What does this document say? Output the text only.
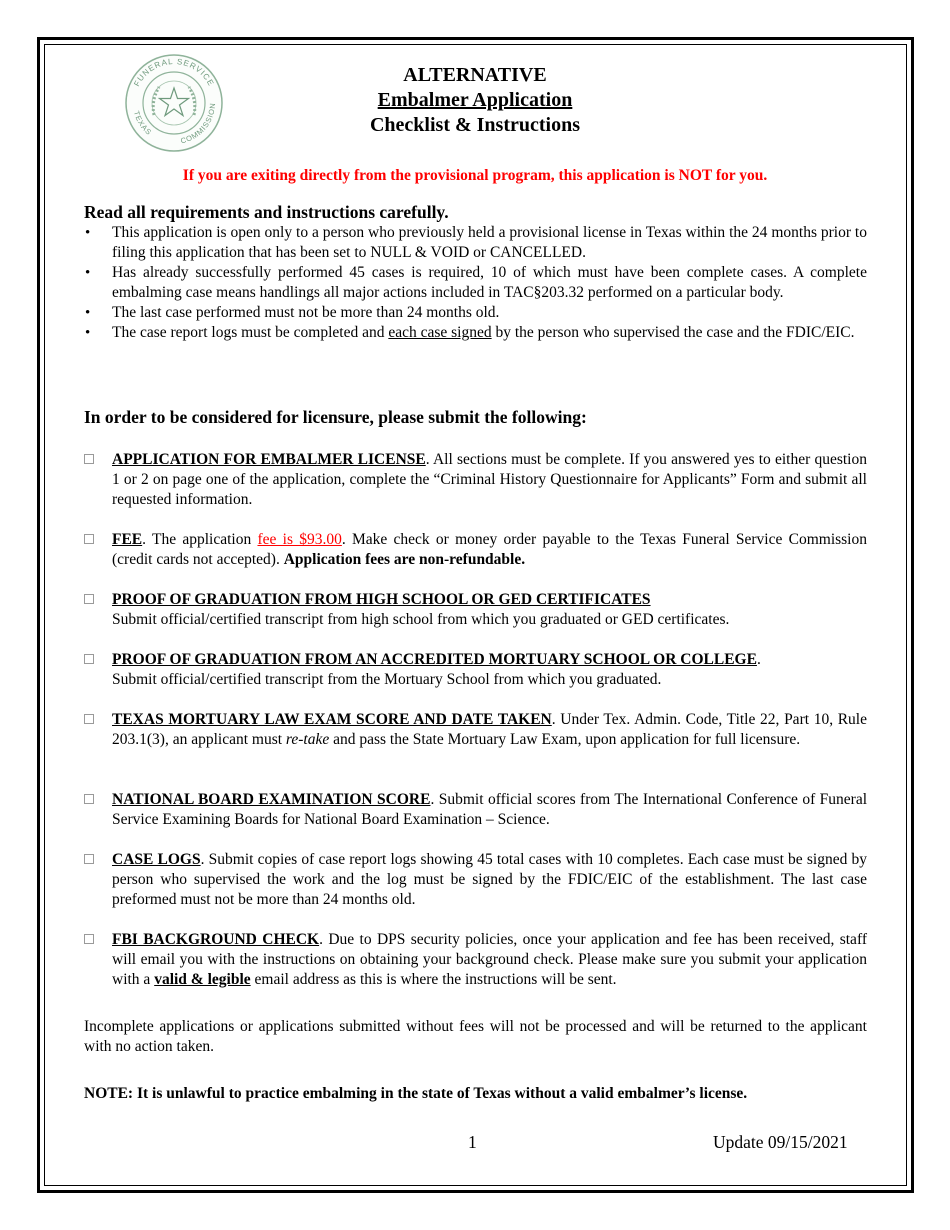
FUNERAL SERVICE
TEXAS
COMMISSION
ALTERNATIVE
Embalmer Application
Checklist & Instructions
If you are exiting directly from the provisional program, this application is NOT for you.
Read all requirements and instructions carefully.
• This application is open only to a person who previously held a provisional license in Texas within the 24 months prior to filing this application that has been set to NULL & VOID or CANCELLED.
• Has already successfully performed 45 cases is required, 10 of which must have been complete cases. A complete embalming case means handlings all major actions included in TAC§203.32 performed on a particular body.
• The last case performed must not be more than 24 months old.
• The case report logs must be completed and each case signed by the person who supervised the case and the FDIC/EIC.
In order to be considered for licensure, please submit the following:
APPLICATION FOR EMBALMER LICENSE. All sections must be complete. If you answered yes to either question 1 or 2 on page one of the application, complete the “Criminal History Questionnaire for Applicants” Form and submit all requested information.
FEE. The application fee is $93.00. Make check or money order payable to the Texas Funeral Service Commission (credit cards not accepted). Application fees are non-refundable.
PROOF OF GRADUATION FROM HIGH SCHOOL OR GED CERTIFICATES
Submit official/certified transcript from high school from which you graduated or GED certificates.
PROOF OF GRADUATION FROM AN ACCREDITED MORTUARY SCHOOL OR COLLEGE.
Submit official/certified transcript from the Mortuary School from which you graduated.
TEXAS MORTUARY LAW EXAM SCORE AND DATE TAKEN. Under Tex. Admin. Code, Title 22, Part 10, Rule 203.1(3), an applicant must re-take and pass the State Mortuary Law Exam, upon application for full licensure.
NATIONAL BOARD EXAMINATION SCORE. Submit official scores from The International Conference of Funeral Service Examining Boards for National Board Examination – Science.
CASE LOGS. Submit copies of case report logs showing 45 total cases with 10 completes. Each case must be signed by person who supervised the work and the log must be signed by the FDIC/EIC of the establishment. The last case preformed must not be more than 24 months old.
FBI BACKGROUND CHECK. Due to DPS security policies, once your application and fee has been received, staff will email you with the instructions on obtaining your background check. Please make sure you submit your application with a valid & legible email address as this is where the instructions will be sent.
Incomplete applications or applications submitted without fees will not be processed and will be returned to the applicant with no action taken.
NOTE: It is unlawful to practice embalming in the state of Texas without a valid embalmer’s license.
1	Update 09/15/2021
